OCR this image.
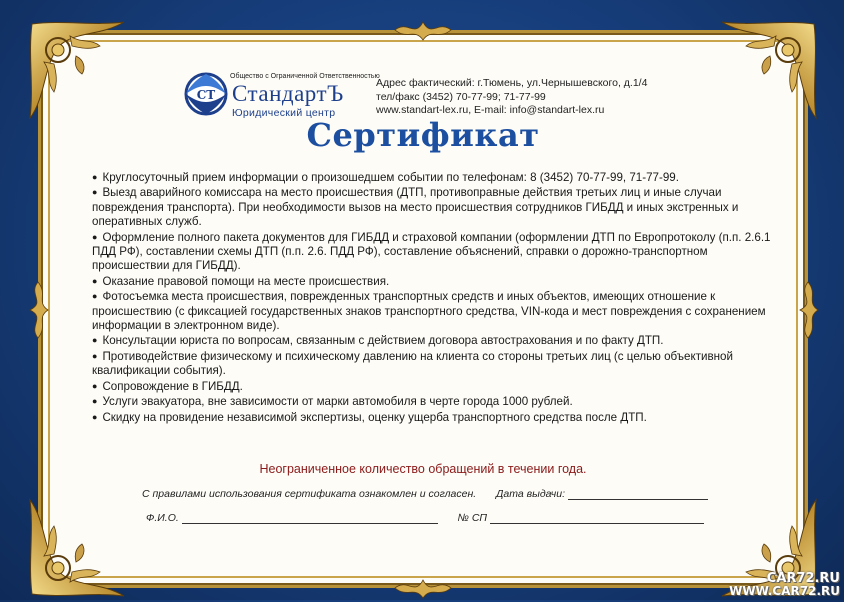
СТ
Общество с Ограниченной Ответственностью
СтандартЪ
Юридический центр
Адрес фактический: г.Тюмень, ул.Чернышевского, д.1/4
тел/факс (3452) 70-77-99; 71-77-99
www.standart-lex.ru, E-mail: info@standart-lex.ru
Сертификат

● Круглосуточный прием информации о произошедшем событии по телефонам: 8 (3452) 70-77-99, 71-77-99.

● Выезд аварийного комиссара на место происшествия (ДТП, противоправные действия третьих лиц и иные случаи повреждения транспорта). При необходимости вызов на место происшествия сотрудников ГИБДД и иных экстренных и оперативных служб.

● Оформление полного пакета документов для ГИБДД и страховой компании (оформлении ДТП по Европротоколу (п.п. 2.6.1 ПДД РФ), составлении схемы ДТП (п.п. 2.6. ПДД РФ), составление объяснений, справки о дорожно-транспортном происшествии для ГИБДД).

● Оказание правовой помощи на месте происшествия.

● Фотосъемка места происшествия, поврежденных транспортных средств и иных объектов, имеющих отношение к происшествию (с фиксацией государственных знаков транспортного средства, VIN-кода и мест повреждения с сохранением информации в электронном виде).

● Консультации юриста по вопросам, связанным с действием договора автострахования и по факту ДТП.

● Противодействие физическому и психическому давлению на клиента со стороны третьих лиц (с целью объективной квалификации события).

● Сопровождение в ГИБДД.

● Услуги эвакуатора, вне зависимости от марки автомобиля в черте города 1000 рублей.

● Скидку на провидение независимой экспертизы, оценку ущерба транспортного средства после ДТП.

Неограниченное количество обращений в течении года.
С правилами использования сертификата ознакомлен и согласен. Дата выдачи:
Ф.И.О.	№ СП
CAR72.RU
WWW.CAR72.RU
